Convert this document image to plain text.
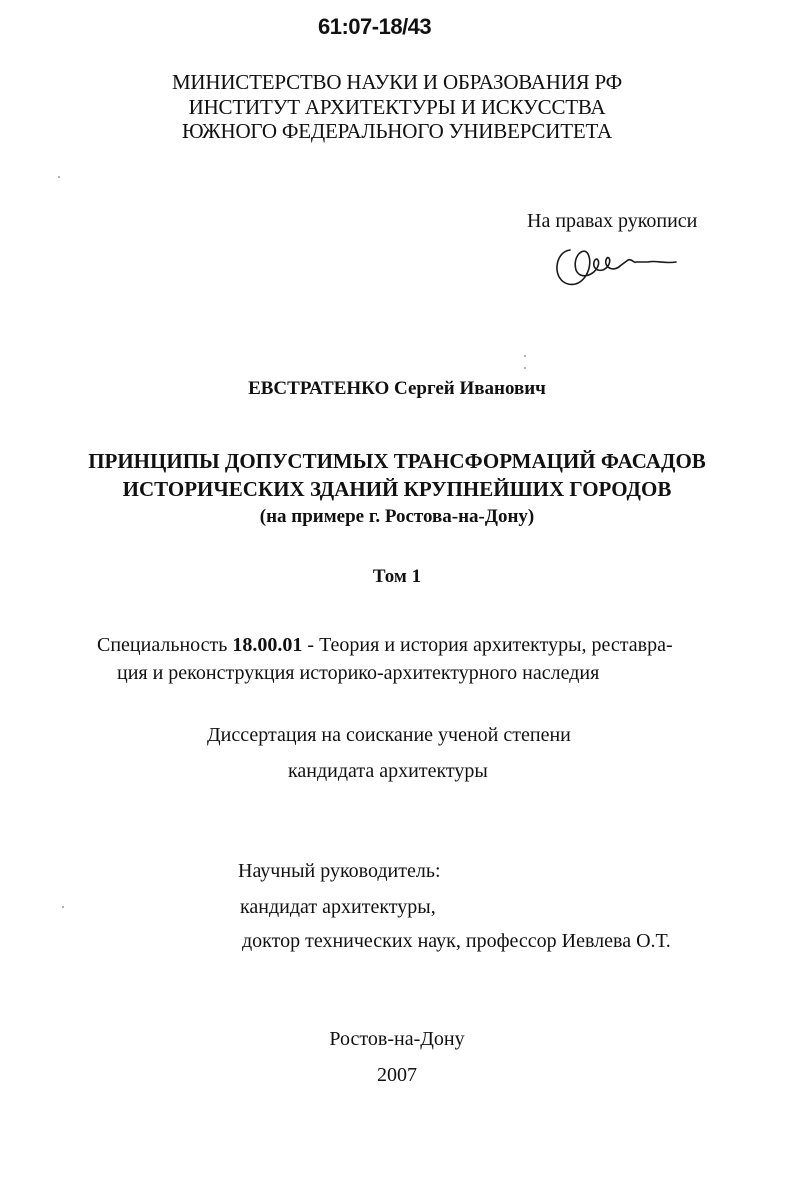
61:07-18/43
МИНИСТЕРСТВО НАУКИ И ОБРАЗОВАНИЯ РФ
ИНСТИТУТ АРХИТЕКТУРЫ И ИСКУССТВА
ЮЖНОГО ФЕДЕРАЛЬНОГО УНИВЕРСИТЕТА
На правах рукописи
ЕВСТРАТЕНКО Сергей Иванович
ПРИНЦИПЫ ДОПУСТИМЫХ ТРАНСФОРМАЦИЙ ФАСАДОВ
ИСТОРИЧЕСКИХ ЗДАНИЙ КРУПНЕЙШИХ ГОРОДОВ
(на примере г. Ростова-на-Дону)
Том 1
Специальность 18.00.01 - Теория и история архитектуры, реставра-
ция и реконструкция историко-архитектурного наследия
Диссертация на соискание ученой степени
кандидата архитектуры
Научный руководитель:
кандидат архитектуры,
доктор технических наук, профессор Иевлева О.Т.
Ростов-на-Дону
2007
